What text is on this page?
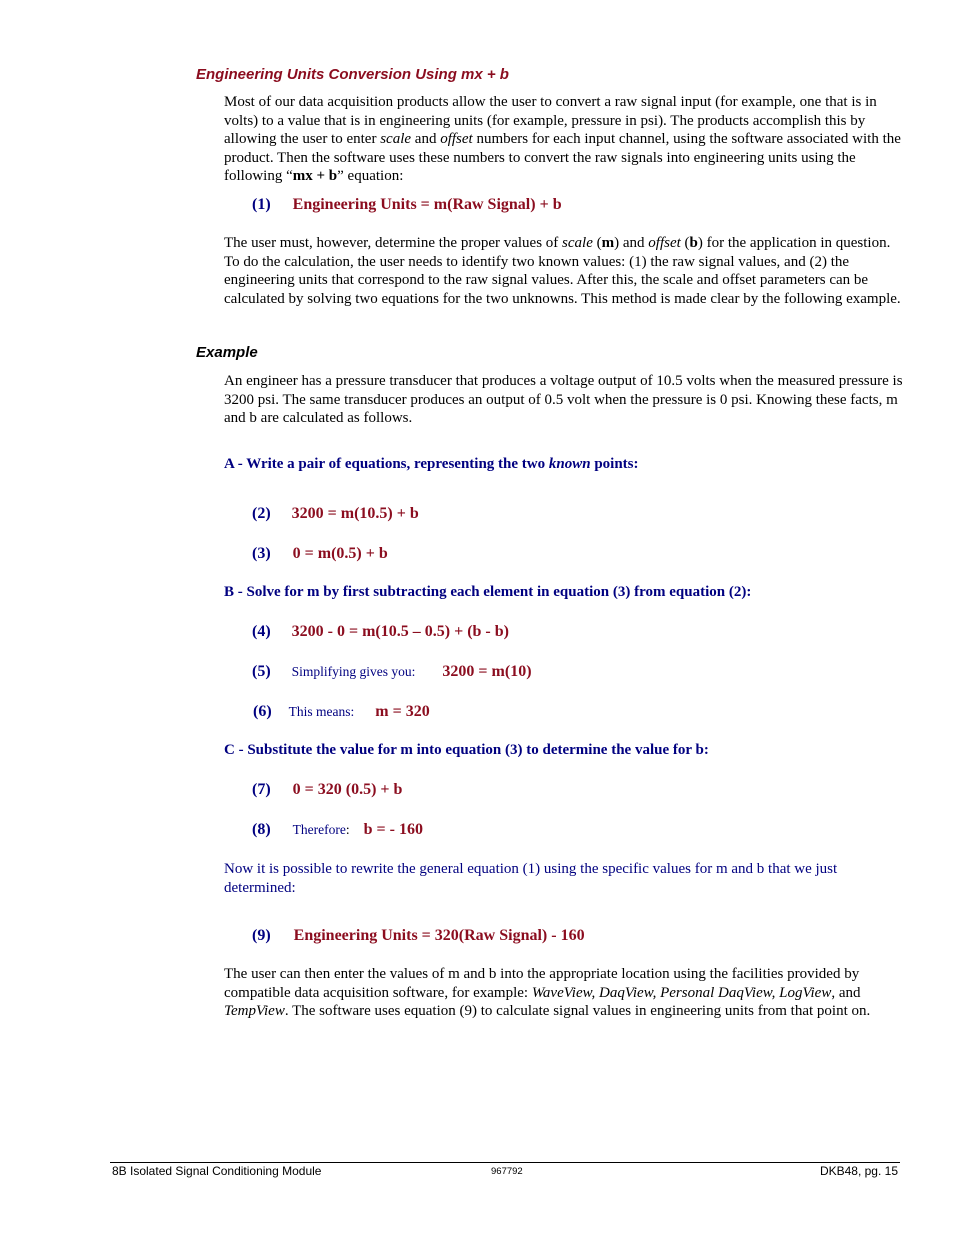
Engineering Units Conversion Using mx + b
Most of our data acquisition products allow the user to convert a raw signal input (for example, one that is in volts) to a value that is in engineering units (for example, pressure in psi). The products accomplish this by allowing the user to enter scale and offset numbers for each input channel, using the software associated with the product. Then the software uses these numbers to convert the raw signals into engineering units using the following “mx + b” equation:
(1) Engineering Units = m(Raw Signal) + b
The user must, however, determine the proper values of scale (m) and offset (b) for the application in question. To do the calculation, the user needs to identify two known values: (1) the raw signal values, and (2) the engineering units that correspond to the raw signal values. After this, the scale and offset parameters can be calculated by solving two equations for the two unknowns. This method is made clear by the following example.
Example
An engineer has a pressure transducer that produces a voltage output of 10.5 volts when the measured pressure is 3200 psi. The same transducer produces an output of 0.5 volt when the pressure is 0 psi. Knowing these facts, m and b are calculated as follows.
A - Write a pair of equations, representing the two known points:
(2) 3200 = m(10.5) + b
(3) 0 = m(0.5) + b
B - Solve for m by first subtracting each element in equation (3) from equation (2):
(4) 3200 - 0 = m(10.5 – 0.5) + (b - b)
(5) Simplifying gives you: 3200 = m(10)
(6) This means: m = 320
C - Substitute the value for m into equation (3) to determine the value for b:
(7) 0 = 320 (0.5) + b
(8) Therefore: b = - 160
Now it is possible to rewrite the general equation (1) using the specific values for m and b that we just determined:
(9) Engineering Units = 320(Raw Signal) - 160
The user can then enter the values of m and b into the appropriate location using the facilities provided by compatible data acquisition software, for example: WaveView, DaqView, Personal DaqView, LogView, and TempView. The software uses equation (9) to calculate signal values in engineering units from that point on.
8B Isolated Signal Conditioning Module	967792	DKB48, pg. 15
